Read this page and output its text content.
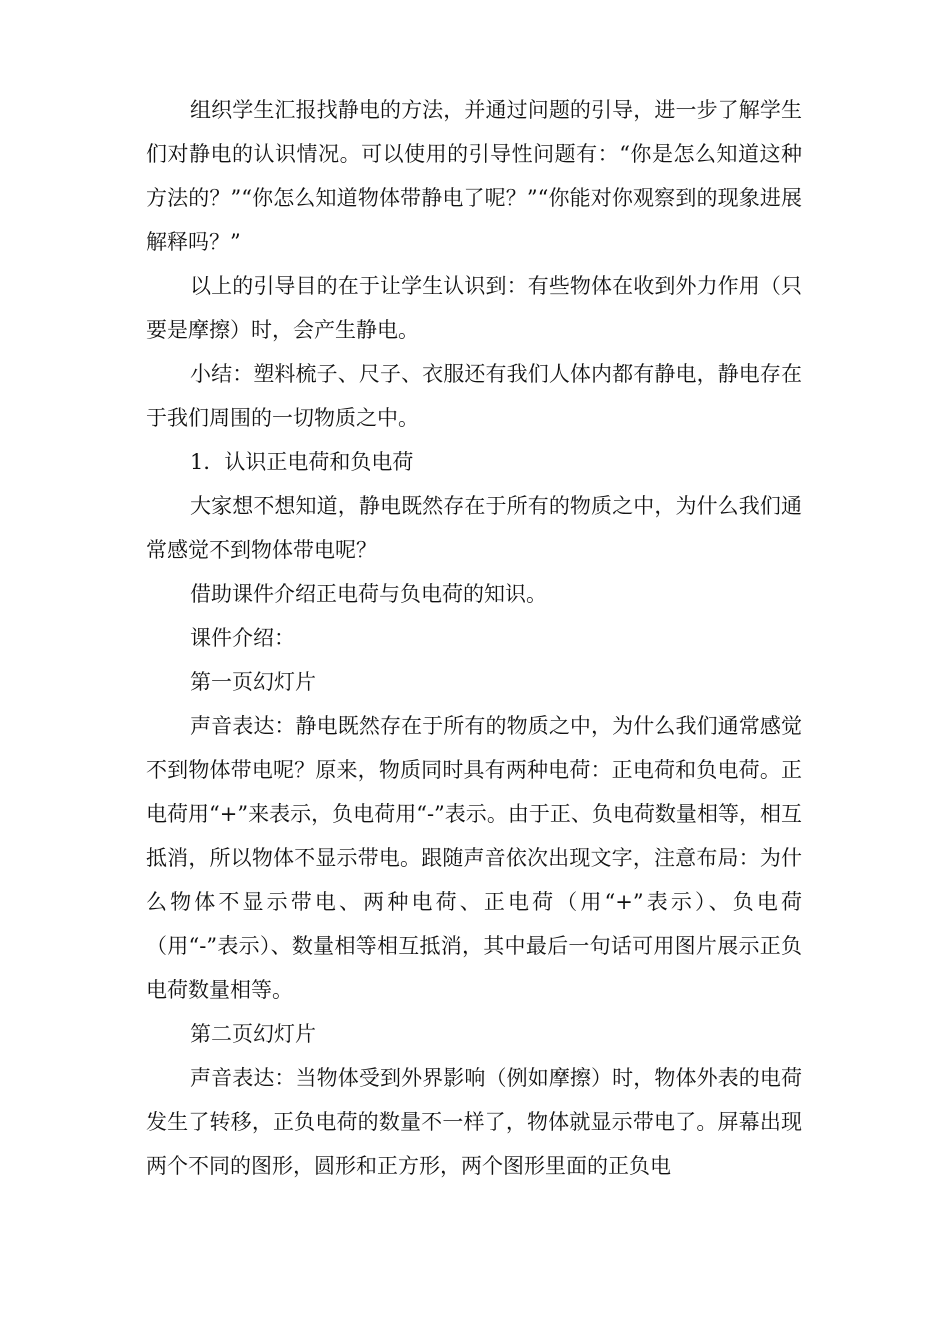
组织学生汇报找静电的方法，并通过问题的引导，进一步了解学生们对静电的认识情况。可以使用的引导性问题有：“你是怎么知道这种方法的？”“你怎么知道物体带静电了呢？”“你能对你观察到的现象进展解释吗？”

以上的引导目的在于让学生认识到：有些物体在收到外力作用（只要是摩擦）时，会产生静电。

小结：塑料梳子、尺子、衣服还有我们人体内都有静电，静电存在于我们周围的一切物质之中。

1．认识正电荷和负电荷

大家想不想知道，静电既然存在于所有的物质之中，为什么我们通常感觉不到物体带电呢？

借助课件介绍正电荷与负电荷的知识。

课件介绍：

第一页幻灯片

声音表达：静电既然存在于所有的物质之中，为什么我们通常感觉不到物体带电呢？原来，物质同时具有两种电荷：正电荷和负电荷。正电荷用“+”来表示，负电荷用“-”表示。由于正、负电荷数量相等，相互抵消，所以物体不显示带电。跟随声音依次出现文字，注意布局：为什么物体不显示带电、两种电荷、正电荷（用“+”表示）、负电荷（用“-”表示）、数量相等相互抵消，其中最后一句话可用图片展示正负电荷数量相等。

第二页幻灯片

声音表达：当物体受到外界影响（例如摩擦）时，物体外表的电荷发生了转移，正负电荷的数量不一样了，物体就显示带电了。屏幕出现两个不同的图形，圆形和正方形，两个图形里面的正负电
